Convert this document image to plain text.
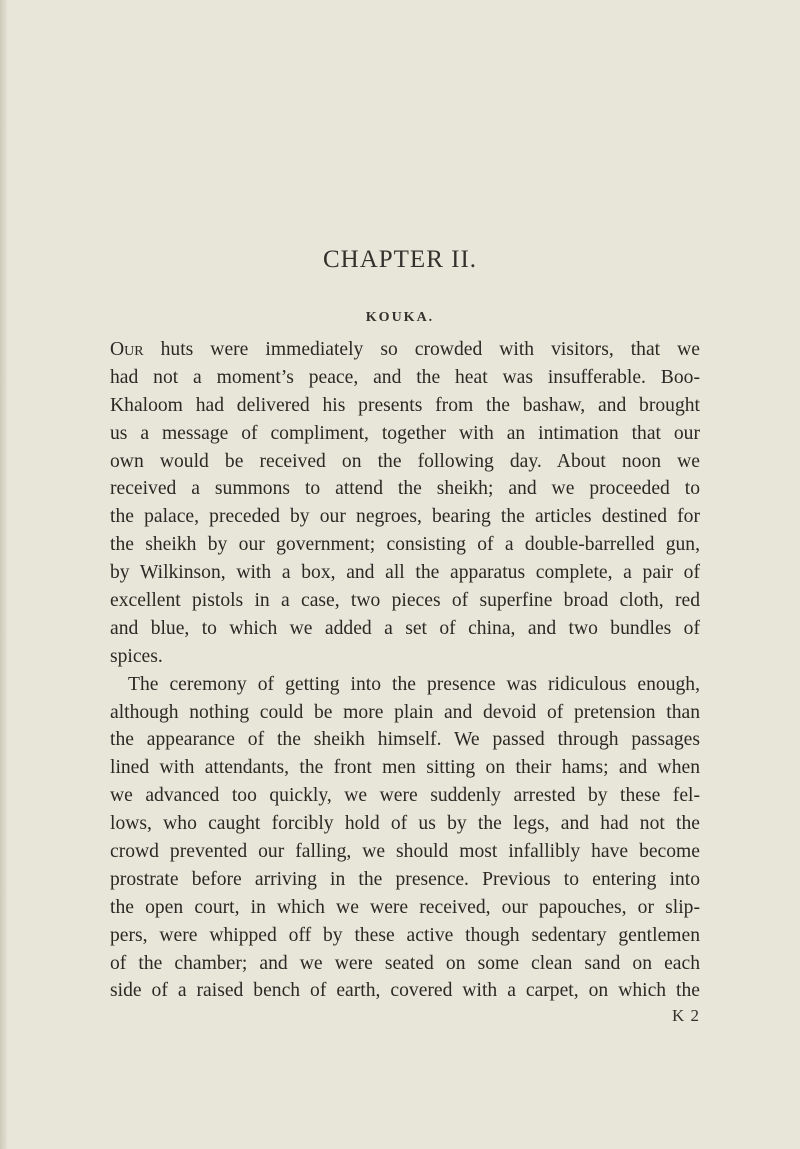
CHAPTER II.
KOUKA.
Our huts were immediately so crowded with visitors, that we
had not a moment’s peace, and the heat was insufferable. Boo-
Khaloom had delivered his presents from the bashaw, and brought
us a message of compliment, together with an intimation that our
own would be received on the following day. About noon we
received a summons to attend the sheikh; and we proceeded to
the palace, preceded by our negroes, bearing the articles destined for
the sheikh by our government; consisting of a double-barrelled gun,
by Wilkinson, with a box, and all the apparatus complete, a pair of
excellent pistols in a case, two pieces of superfine broad cloth, red
and blue, to which we added a set of china, and two bundles of
spices.
The ceremony of getting into the presence was ridiculous enough,
although nothing could be more plain and devoid of pretension than
the appearance of the sheikh himself. We passed through passages
lined with attendants, the front men sitting on their hams; and when
we advanced too quickly, we were suddenly arrested by these fel-
lows, who caught forcibly hold of us by the legs, and had not the
crowd prevented our falling, we should most infallibly have become
prostrate before arriving in the presence. Previous to entering into
the open court, in which we were received, our papouches, or slip-
pers, were whipped off by these active though sedentary gentlemen
of the chamber; and we were seated on some clean sand on each
side of a raised bench of earth, covered with a carpet, on which the
K 2
